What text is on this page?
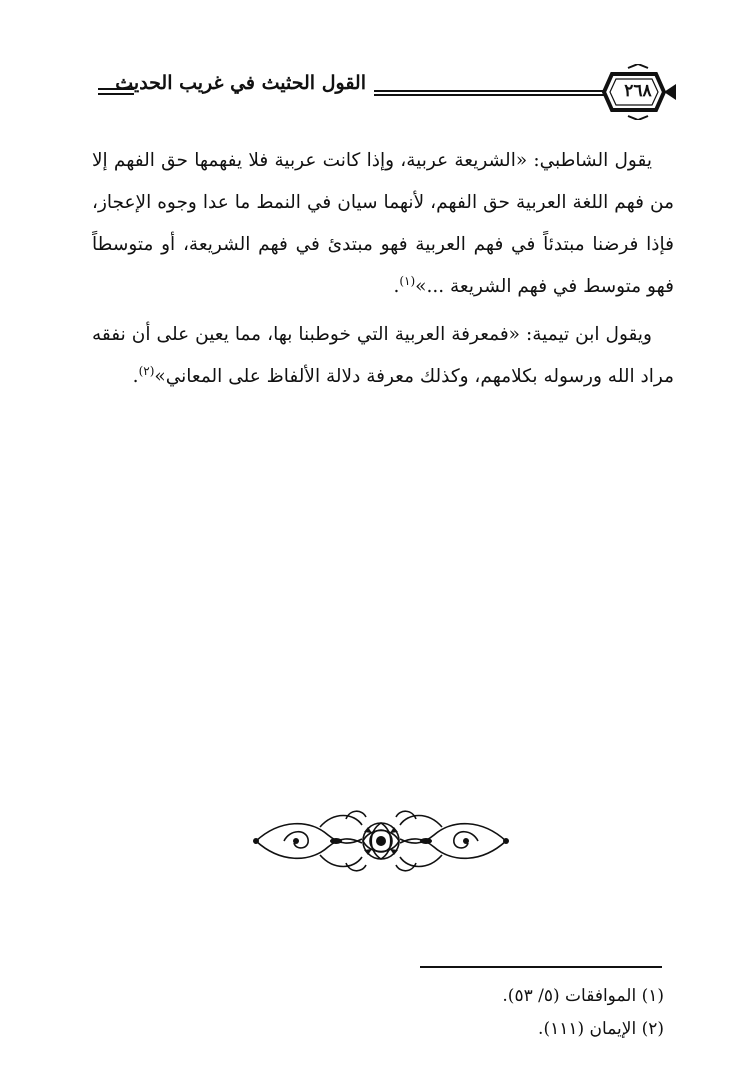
القول الحثيث في غريب الحديث	٢٦٨

يقول الشاطبي: «الشريعة عربية، وإذا كانت عربية فلا يفهمها حق الفهم إلا من فهم اللغة العربية حق الفهم، لأنهما سيان في النمط ما عدا وجوه الإعجاز، فإذا فرضنا مبتدئاً في فهم العربية فهو مبتدئ في فهم الشريعة، أو متوسطاً فهو متوسط في فهم الشريعة ...»$^{(١)}$.

ويقول ابن تيمية: «فمعرفة العربية التي خوطبنا بها، مما يعين على أن نفقه مراد الله ورسوله بكلامهم، وكذلك معرفة دلالة الألفاظ على المعاني»$^{(٢)}$.

(١) الموافقات (٥/ ٥٣).
(٢) الإيمان (١١١).
